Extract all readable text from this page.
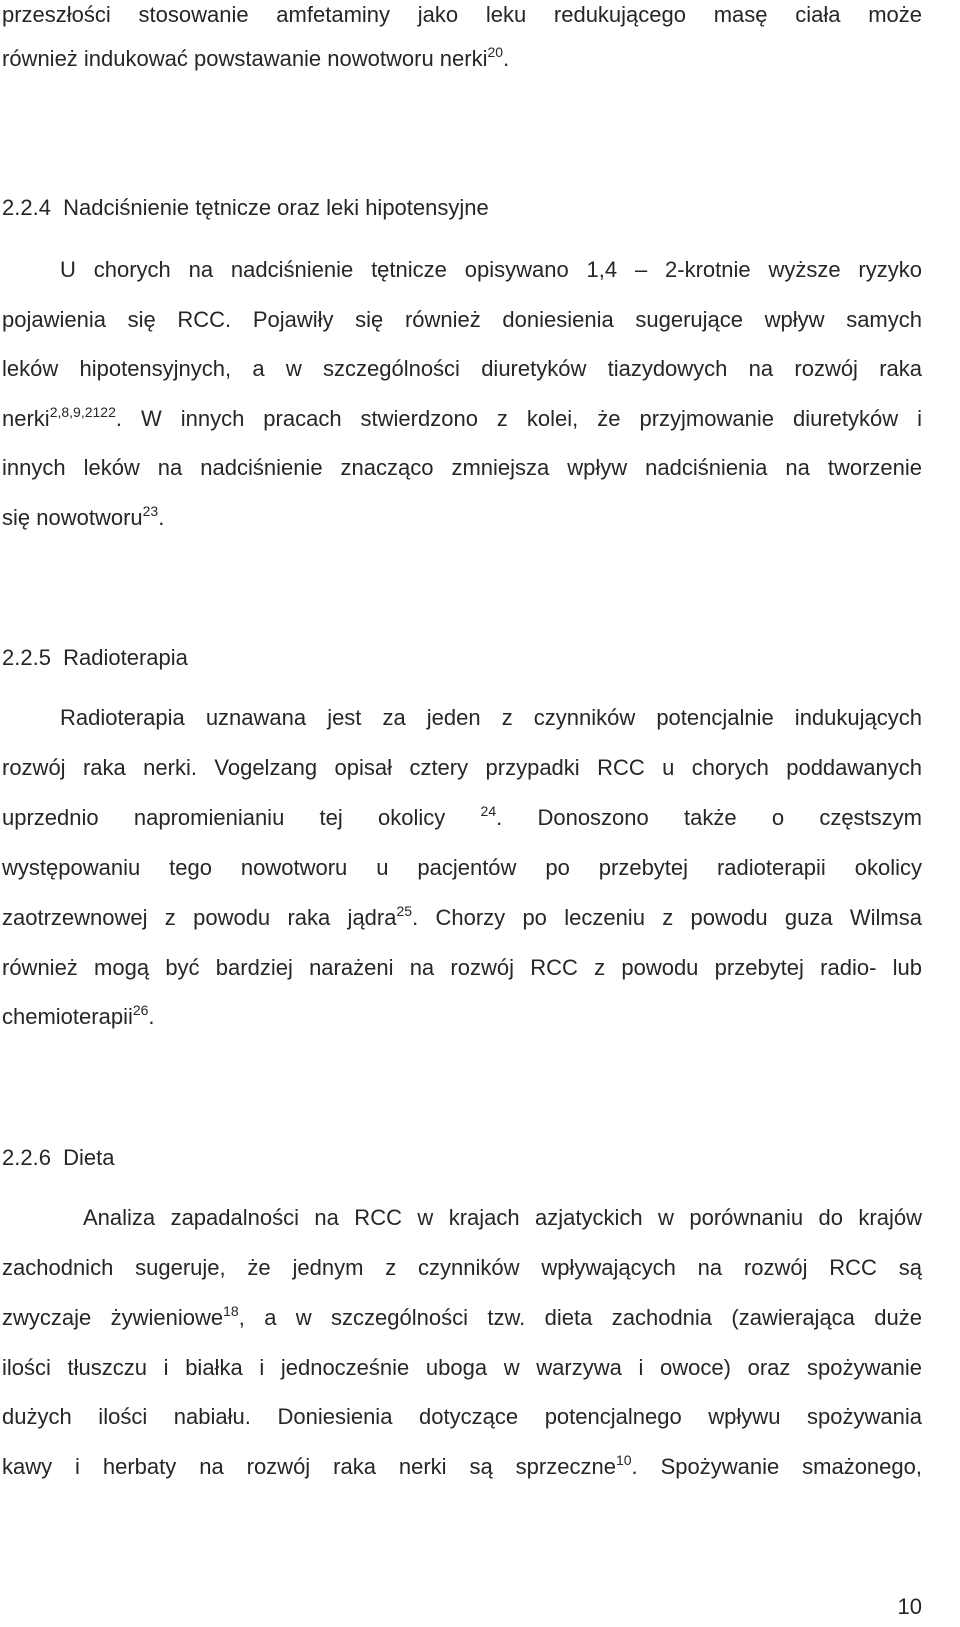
przeszłości stosowanie amfetaminy jako leku redukującego masę ciała może
również indukować powstawanie nowotworu nerki$^{20}$.
2.2.4  Nadciśnienie tętnicze oraz leki hipotensyjne
U chorych na nadciśnienie tętnicze opisywano 1,4 – 2-krotnie wyższe ryzyko
pojawienia się RCC. Pojawiły się również doniesienia sugerujące wpływ samych
leków hipotensyjnych, a w szczególności diuretyków tiazydowych na rozwój raka
nerki$^{2,8,9,2122}$. W innych pracach stwierdzono z kolei, że przyjmowanie diuretyków i
innych leków na nadciśnienie znacząco zmniejsza wpływ nadciśnienia na tworzenie
się nowotworu$^{23}$.
2.2.5  Radioterapia
Radioterapia uznawana jest za jeden z czynników potencjalnie indukujących
rozwój raka nerki. Vogelzang opisał cztery przypadki RCC u chorych poddawanych
uprzednio napromienianiu tej okolicy $^{24}$. Donoszono także o częstszym
występowaniu tego nowotworu u pacjentów po przebytej radioterapii okolicy
zaotrzewnowej z powodu raka jądra$^{25}$. Chorzy po leczeniu z powodu guza Wilmsa
również mogą być bardziej narażeni na rozwój RCC z powodu przebytej radio- lub
chemioterapii$^{26}$.
2.2.6  Dieta
Analiza zapadalności na RCC w krajach azjatyckich w porównaniu do krajów
zachodnich sugeruje, że jednym z czynników wpływających na rozwój RCC są
zwyczaje żywieniowe$^{18}$, a w szczególności tzw. dieta zachodnia (zawierająca duże
ilości tłuszczu i białka i jednocześnie uboga w warzywa i owoce) oraz spożywanie
dużych ilości nabiału. Doniesienia dotyczące potencjalnego wpływu spożywania
kawy i herbaty na rozwój raka nerki są sprzeczne$^{10}$. Spożywanie smażonego,
10
